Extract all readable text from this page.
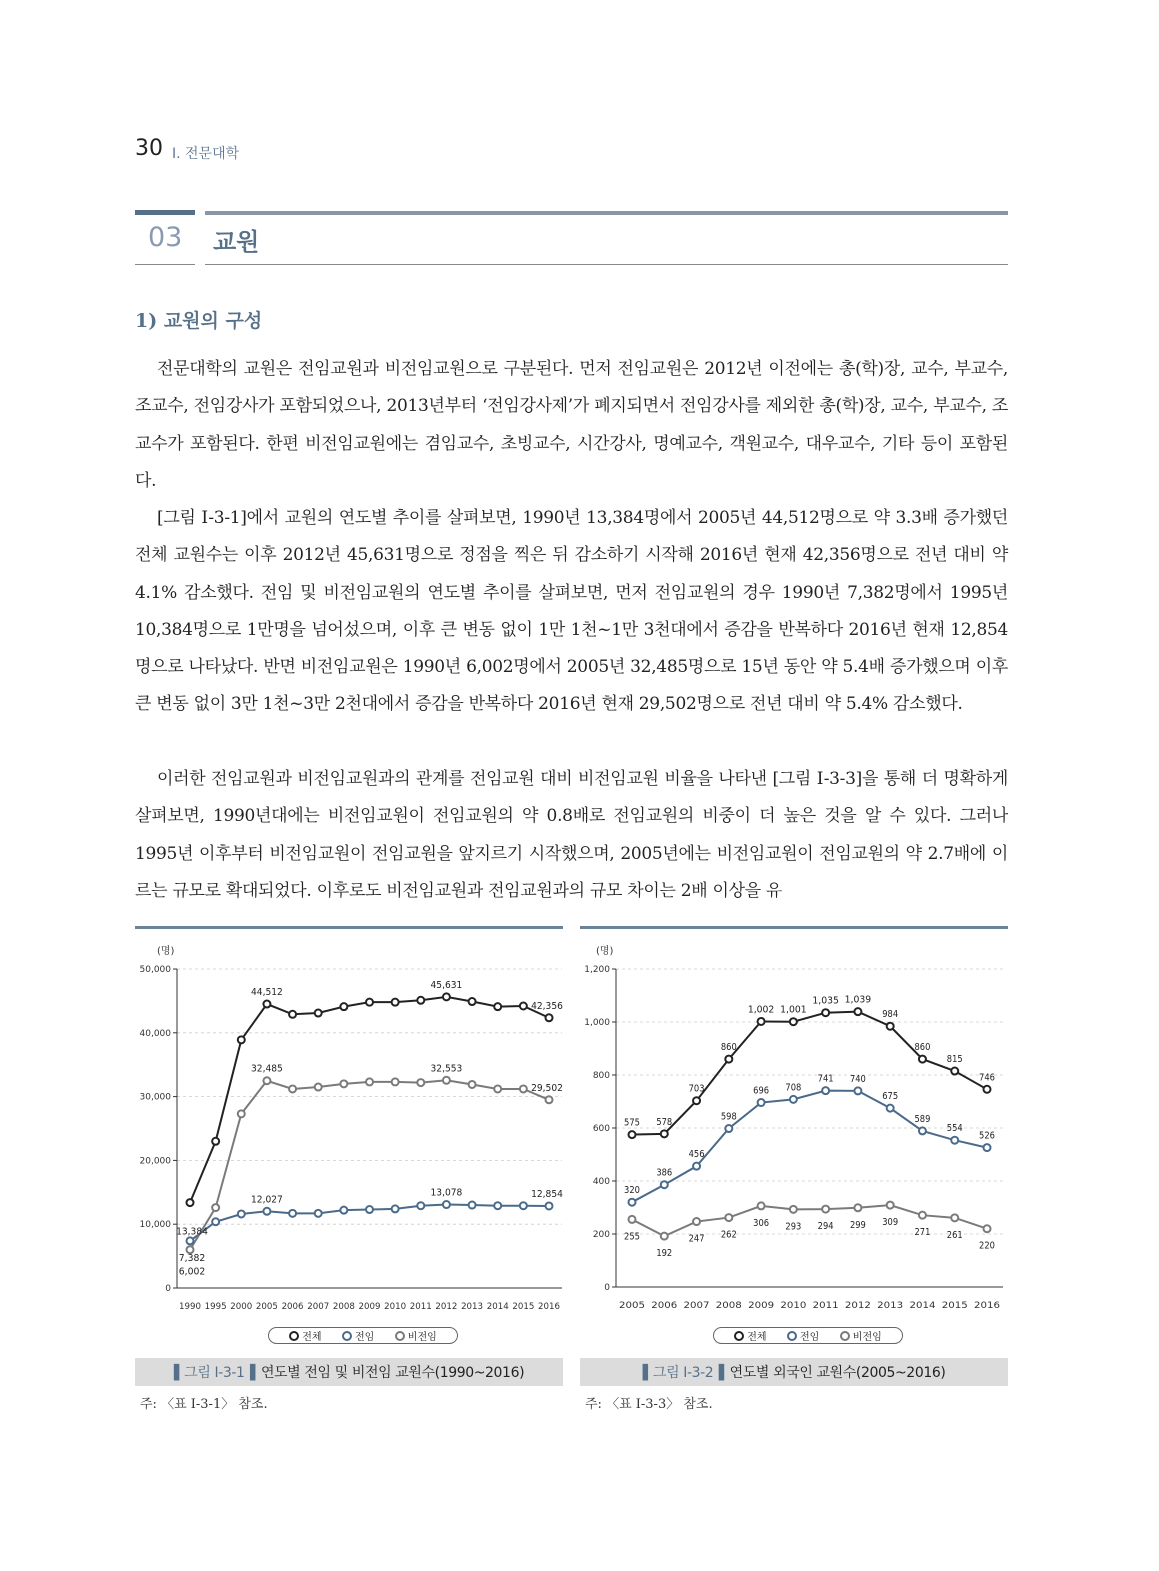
30 Ⅰ. 전문대학
03 교원
1) 교원의 구성

전문대학의 교원은 전임교원과 비전임교원으로 구분된다. 먼저 전임교원은 2012년 이전에는 총(학)장, 교수, 부교수, 조교수, 전임강사가 포함되었으나, 2013년부터 ‘전임강사제’가 폐지되면서 전임강사를 제외한 총(학)장, 교수, 부교수, 조교수가 포함된다. 한편 비전임교원에는 겸임교수, 초빙교수, 시간강사, 명예교수, 객원교수, 대우교수, 기타 등이 포함된다.

[그림 Ⅰ-3-1]에서 교원의 연도별 추이를 살펴보면, 1990년 13,384명에서 2005년 44,512명으로 약 3.3배 증가했던 전체 교원수는 이후 2012년 45,631명으로 정점을 찍은 뒤 감소하기 시작해 2016년 현재 42,356명으로 전년 대비 약 4.1% 감소했다. 전임 및 비전임교원의 연도별 추이를 살펴보면, 먼저 전임교원의 경우 1990년 7,382명에서 1995년 10,384명으로 1만명을 넘어섰으며, 이후 큰 변동 없이 1만 1천~1만 3천대에서 증감을 반복하다 2016년 현재 12,854명으로 나타났다. 반면 비전임교원은 1990년 6,002명에서 2005년 32,485명으로 15년 동안 약 5.4배 증가했으며 이후 큰 변동 없이 3만 1천~3만 2천대에서 증감을 반복하다 2016년 현재 29,502명으로 전년 대비 약 5.4% 감소했다.

이러한 전임교원과 비전임교원과의 관계를 전임교원 대비 비전임교원 비율을 나타낸 [그림 Ⅰ-3-3]을 통해 더 명확하게 살펴보면, 1990년대에는 비전임교원이 전임교원의 약 0.8배로 전임교원의 비중이 더 높은 것을 알 수 있다. 그러나 1995년 이후부터 비전임교원이 전임교원을 앞지르기 시작했으며, 2005년에는 비전임교원이 전임교원의 약 2.7배에 이르는 규모로 확대되었다. 이후로도 비전임교원과 전임교원과의 규모 차이는 2배 이상을 유

(명)
0
10,000
20,000
30,000
40,000
50,000
1990 1995 2000 2005 2006 2007 2008 2009 2010 2011 2012 2013 2014 2015 2016
13,384
44,512
45,631
42,356
7,382
12,027
13,078	12,854
6,002
32,485	32,553
29,502
(명)
0
200
400
600
800
1,000
1,200
2005 2006 2007 2008 2009 2010 2011 2012 2013 2014 2015 2016
575 578
703
860
1,002 1,001
1,035 1,039
984
860
815
746
320
386
456
598
696 708
741 740
675
589
554
526
255
192
247 262
306 293 294 299 309
271 261
220
전체	전임	비전임	전체	전임	비전임
▌그림 Ⅰ-3-1▐ 연도별 전임 및 비전임 교원수(1990~2016)	▌그림 Ⅰ-3-2▐ 연도별 외국인 교원수(2005~2016)
주: 〈표 Ⅰ-3-1〉 참조.	주: 〈표 Ⅰ-3-3〉 참조.
